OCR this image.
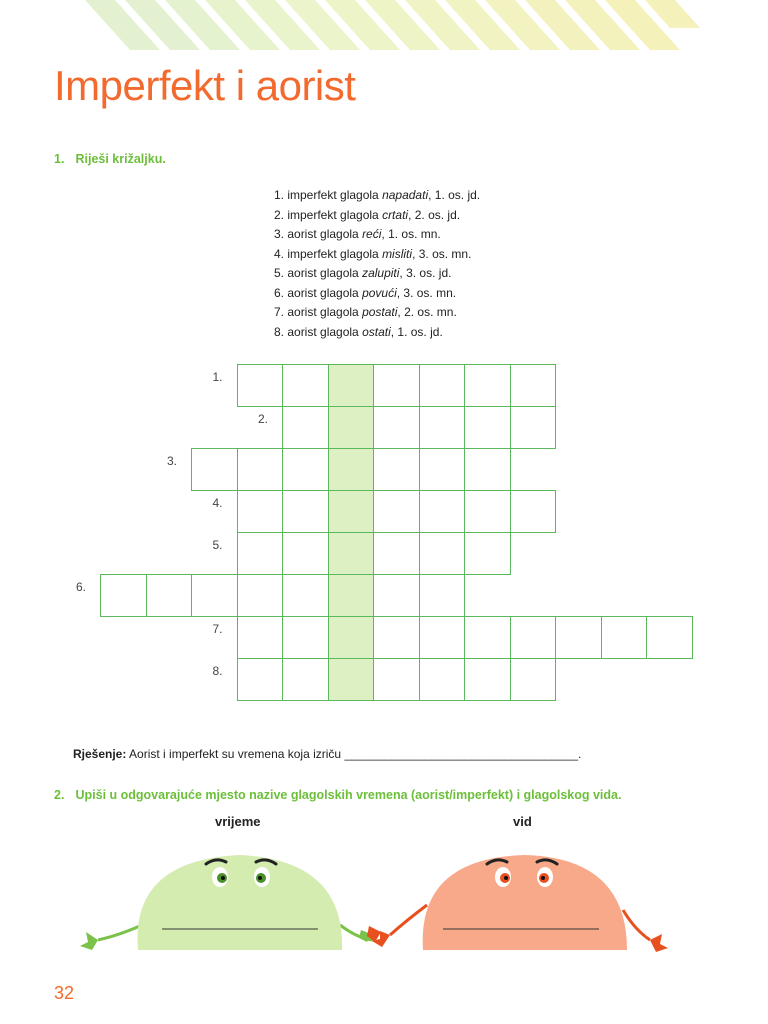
Imperfekt i aorist
1. Riješi križaljku.
1. imperfekt glagola napadati, 1. os. jd.
2. imperfekt glagola crtati, 2. os. jd.
3. aorist glagola reći, 1. os. mn.
4. imperfekt glagola misliti, 3. os. mn.
5. aorist glagola zalupiti, 3. os. jd.
6. aorist glagola povući, 3. os. mn.
7. aorist glagola postati, 2. os. mn.
8. aorist glagola ostati, 1. os. jd.
1.
2.
3.
4.
5.
6.
7.
8.
Rješenje: Aorist i imperfekt su vremena koja izriču ___________________________________.
2. Upiši u odgovarajuće mjesto nazive glagolskih vremena (aorist/imperfekt) i glagolskog vida.
vrijeme	vid
32
